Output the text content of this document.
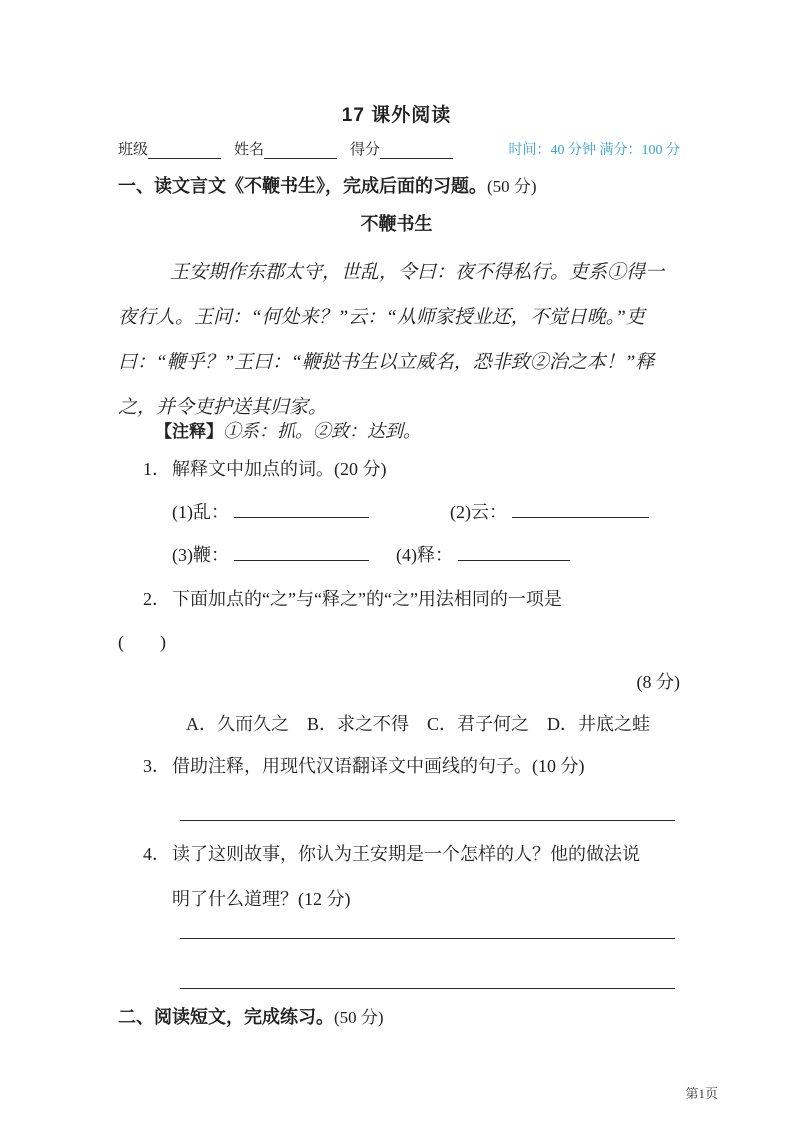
17 课外阅读
班级	姓名	得分	时间：40 分钟 满分：100 分
一、读文言文《不鞭书生》，完成后面的习题。(50 分)
不鞭书生
王安期作东郡太守，世乱，令曰：夜不得私行。吏系①得一
夜行人。王问：“何处来？”云：“从师家授业还，不觉日晚。”吏
曰：“鞭乎？”王曰：“鞭挞书生以立威名，恐非致②治之本！”释
之，并令吏护送其归家。
【注释】①系：抓。②致：达到。
1． 解释文中加点的词。(20 分)
(1)乱：	(2)云：
(3)鞭：	(4)释：
2． 下面加点的“之”与“释之”的“之”用法相同的一项是
(　　)
(8 分)
A．久而久之　B．求之不得　C．君子何之　D．井底之蛙
3． 借助注释，用现代汉语翻译文中画线的句子。(10 分)
4． 读了这则故事，你认为王安期是一个怎样的人？他的做法说
明了什么道理？(12 分)
二、阅读短文，完成练习。(50 分)
第1页
